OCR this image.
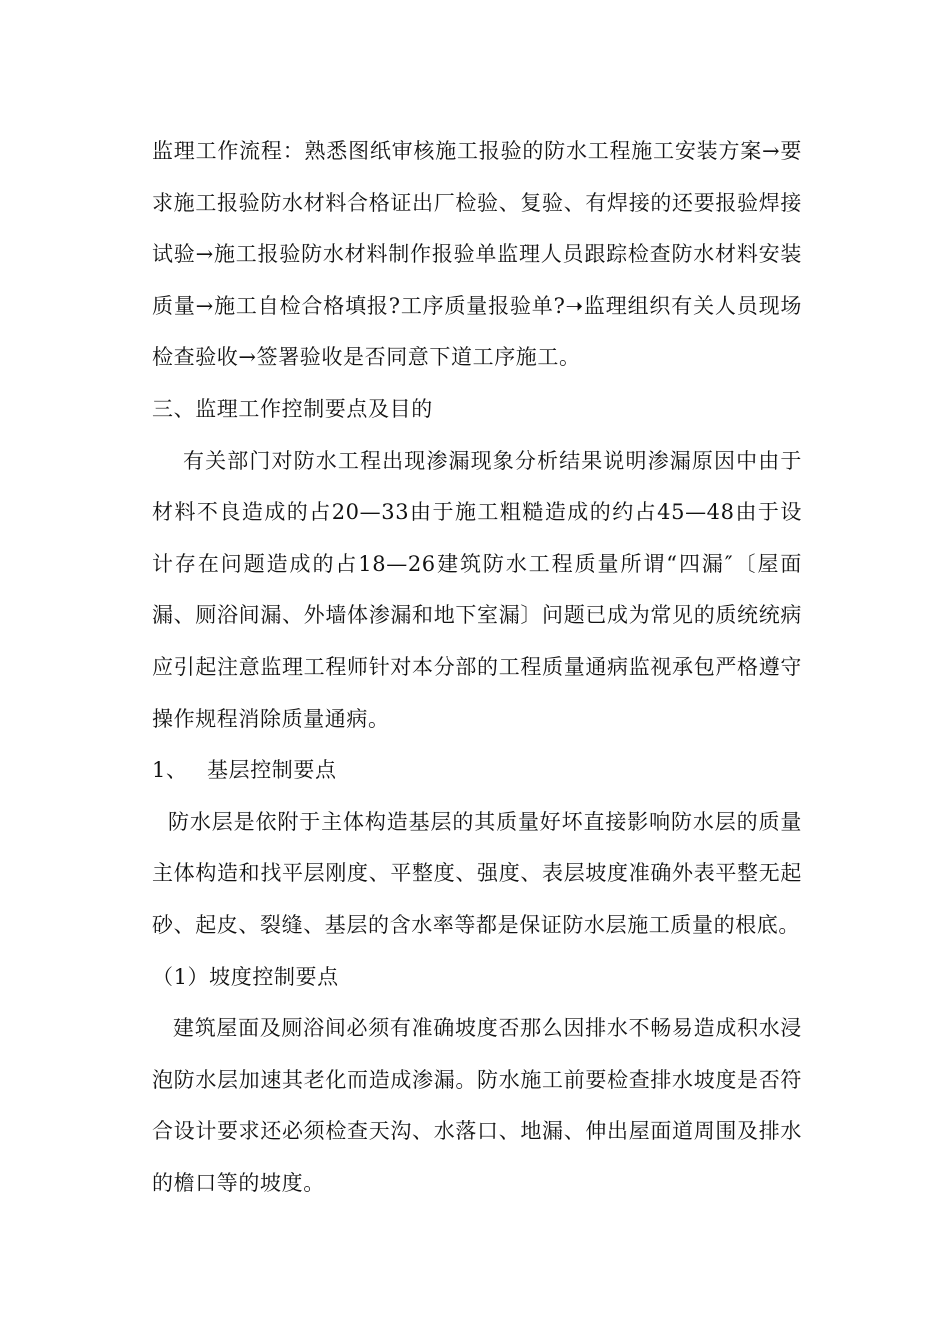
监理工作流程：熟悉图纸审核施工报验的防水工程施工安装方案→要求施工报验防水材料合格证出厂检验、复验、有焊接的还要报验焊接试验→施工报验防水材料制作报验单监理人员跟踪检查防水材料安装质量→施工自检合格填报?工序质量报验单?➝监理组织有关人员现场检查验收→签署验收是否同意下道工序施工。

三、监理工作控制要点及目的

有关部门对防水工程出现渗漏现象分析结果说明渗漏原因中由于材料不良造成的占20—33由于施工粗糙造成的约占45—48由于设计存在问题造成的占18—26建筑防水工程质量所谓“四漏″〔屋面漏、厕浴间漏、外墙体渗漏和地下室漏〕问题已成为常见的质统统病应引起注意监理工程师针对本分部的工程质量通病监视承包严格遵守操作规程消除质量通病。

1、 基层控制要点

防水层是依附于主体构造基层的其质量好坏直接影响防水层的质量主体构造和找平层刚度、平整度、强度、表层坡度准确外表平整无起砂、起皮、裂缝、基层的含水率等都是保证防水层施工质量的根底。

（1）坡度控制要点

建筑屋面及厕浴间必须有准确坡度否那么因排水不畅易造成积水浸泡防水层加速其老化而造成渗漏。防水施工前要检查排水坡度是否符合设计要求还必须检查天沟、水落口、地漏、伸出屋面道周围及排水的檐口等的坡度。
